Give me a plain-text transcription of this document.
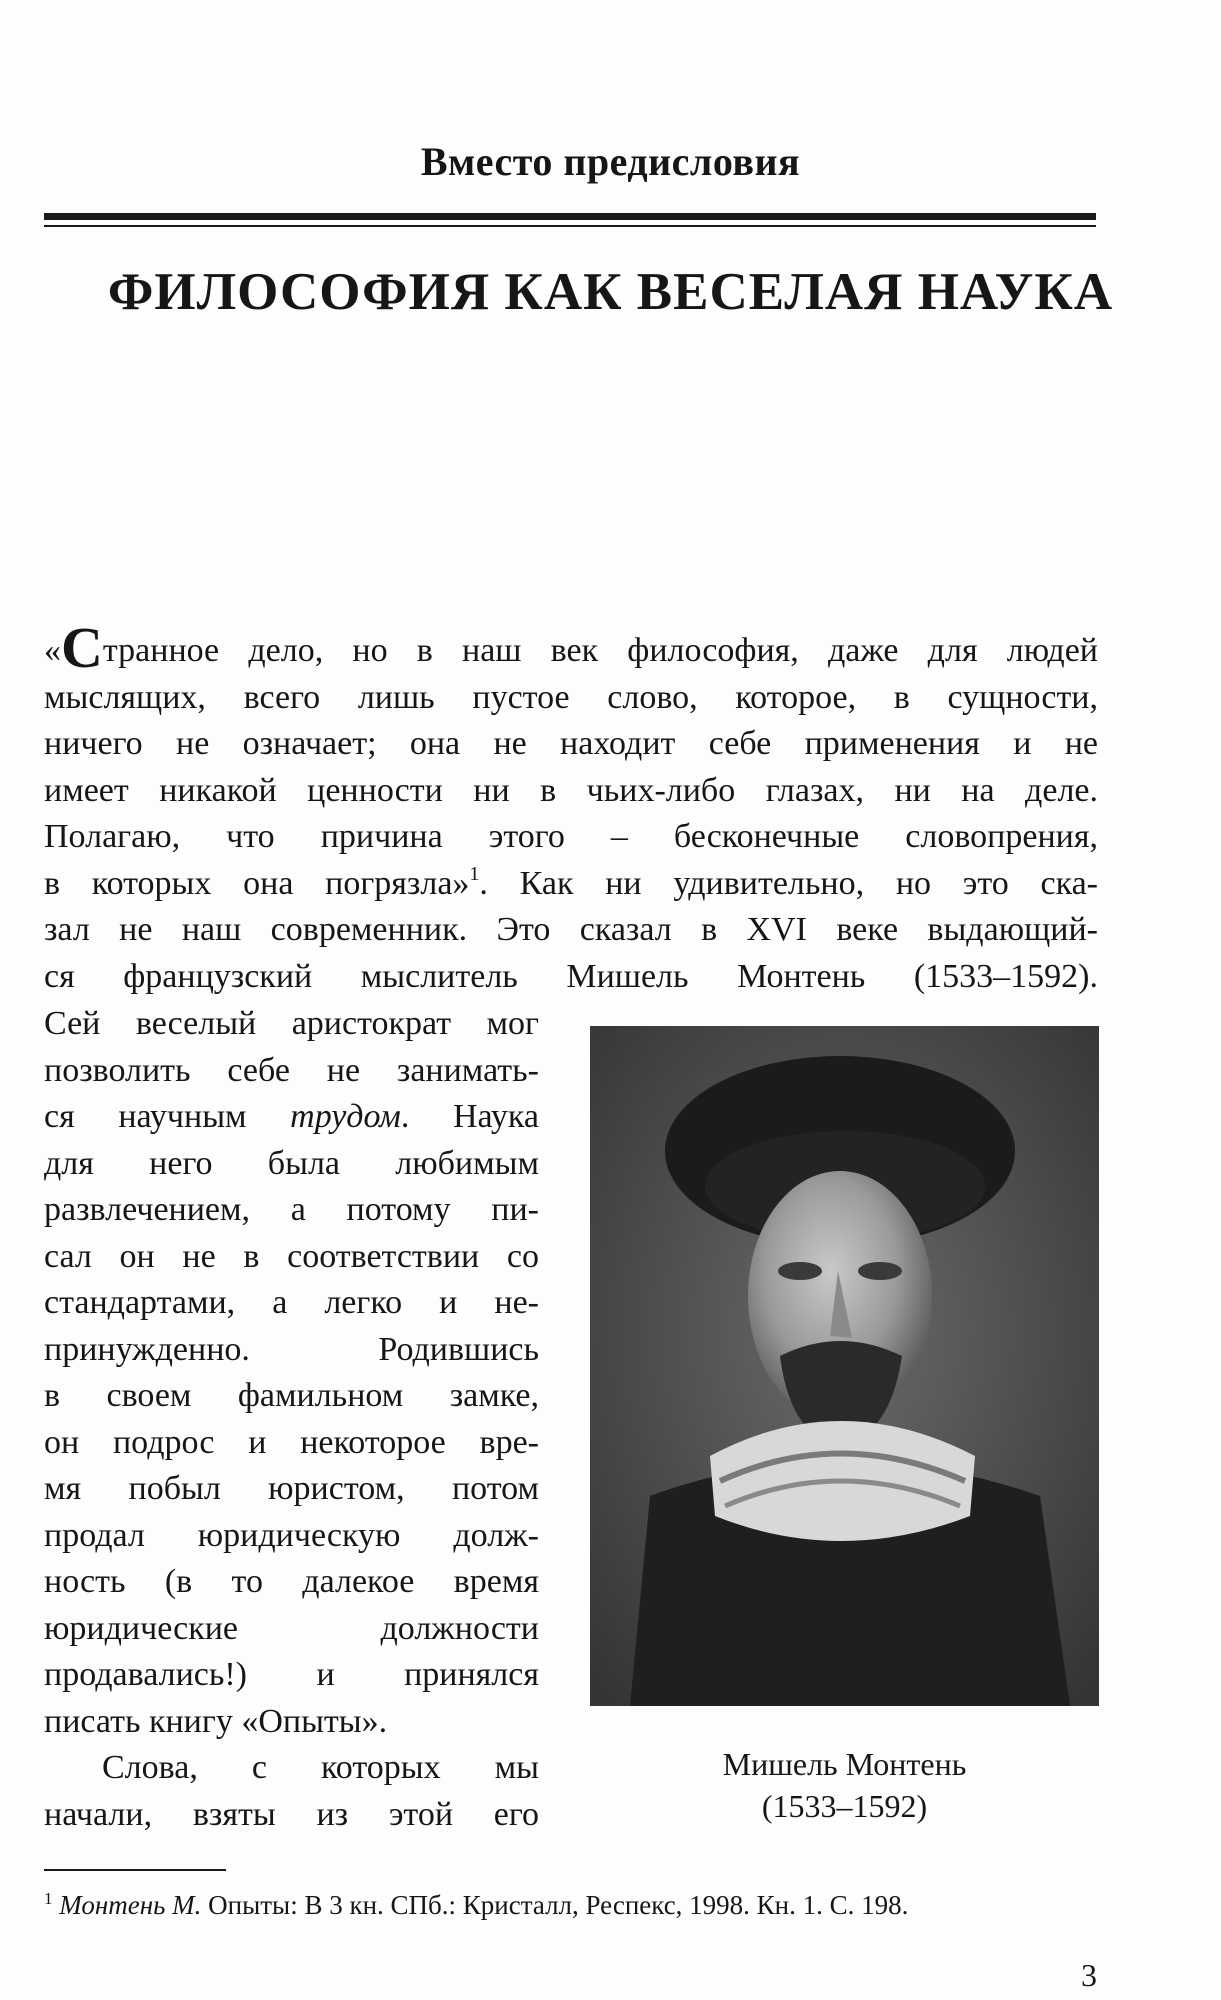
Вместо предисловия
ФИЛОСОФИЯ КАК ВЕСЕЛАЯ НАУКА
«Странное дело, но в наш век философия, даже для людей
мыслящих, всего лишь пустое слово, которое, в сущности,
ничего не означает; она не находит себе применения и не
имеет никакой ценности ни в чьих-либо глазах, ни на деле.
Полагаю, что причина этого – бесконечные словопрения,
в которых она погрязла»$^1$. Как ни удивительно, но это ска-
зал не наш современник. Это сказал в XVI веке выдающий-
ся французский мыслитель Мишель Монтень (1533–1592).
Сей веселый аристократ мог
позволить себе не занимать-
ся научным трудом. Наука
для него была любимым
развлечением, а потому пи-
сал он не в соответствии со
стандартами, а легко и не-
принужденно. Родившись
в своем фамильном замке,
он подрос и некоторое вре-
мя побыл юристом, потом
продал юридическую долж-
ность (в то далекое время
юридические должности
продавались!) и принялся
писать книгу «Опыты».
Слова, с которых мы
начали, взяты из этой его
Мишель Монтень
(1533–1592)
$^1$ Монтень М. Опыты: В 3 кн. СПб.: Кристалл, Респекс, 1998. Кн. 1. С. 198.
3
